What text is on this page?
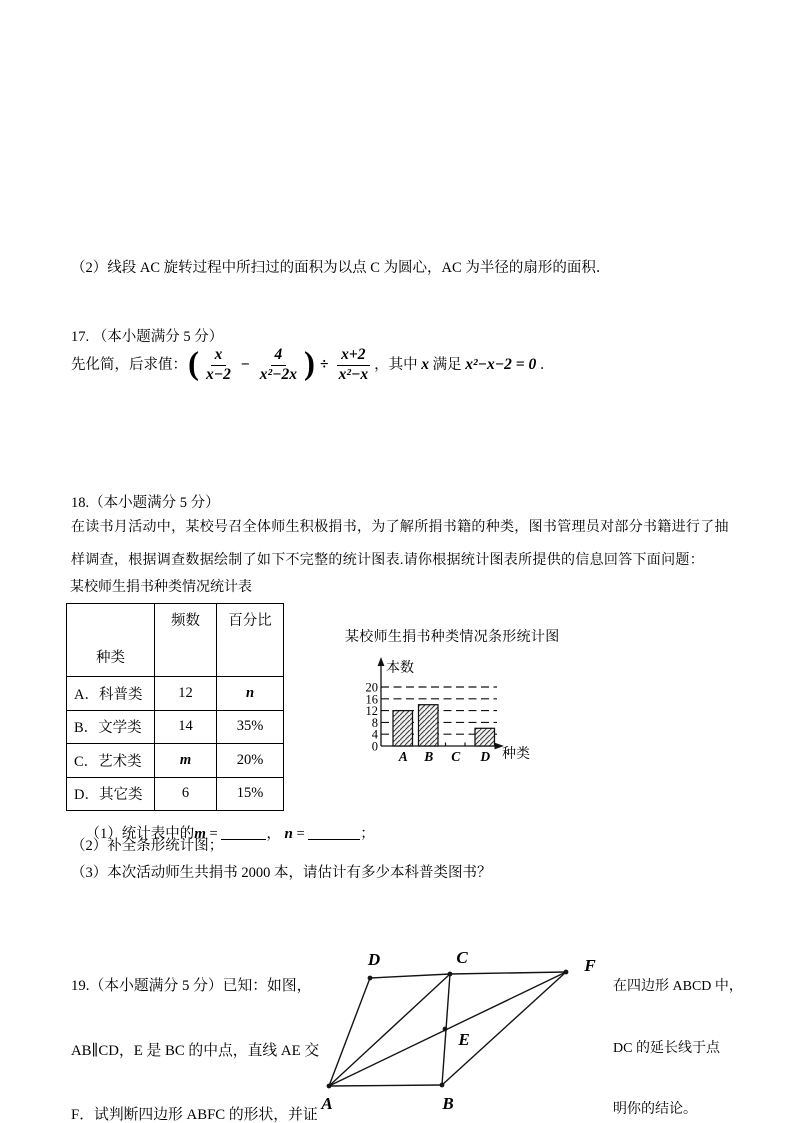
（2）线段 AC 旋转过程中所扫过的面积为以点 C 为圆心，AC 为半径的扇形的面积．
17. （本小题满分 5 分）
先化简，后求值： ( $\frac{x}{x-2} - \frac{4}{\text{x²−2x}}$ ) ÷ $\frac{x+2}{\text{x²−x}}$ ，其中 x 满足 x²−x−2 = 0 ．
18.（本小题满分 5 分）
在读书月活动中，某校号召全体师生积极捐书，为了解所捐书籍的种类，图书管理员对部分书籍进行了抽
样调查，根据调查数据绘制了如下不完整的统计图表.请你根据统计图表所提供的信息回答下面问题：
某校师生捐书种类情况统计表
种类	频数	百分比
A．科普类	12	n
B．文学类	14	35%
C．艺术类	m	20%
D．其它类	6	15%
某校师生捐书种类情况条形统计图
0
4
8
12
16
20
本数
种类
A B C D

（1）统计表中的m =	， n =	；

（2）补全条形统计图；
（3）本次活动师生共捐书 2000 本，请估计有多少本科普类图书？

19.（本小题满分 5 分）已知：如图，

AB∥CD，E 是 BC 的中点，直线 AE 交

F．试判断四边形 ABFC 的形状，并证

在四边形 ABCD 中，

DC 的延长线于点

明你的结论。

A	B
C
D
E
F
